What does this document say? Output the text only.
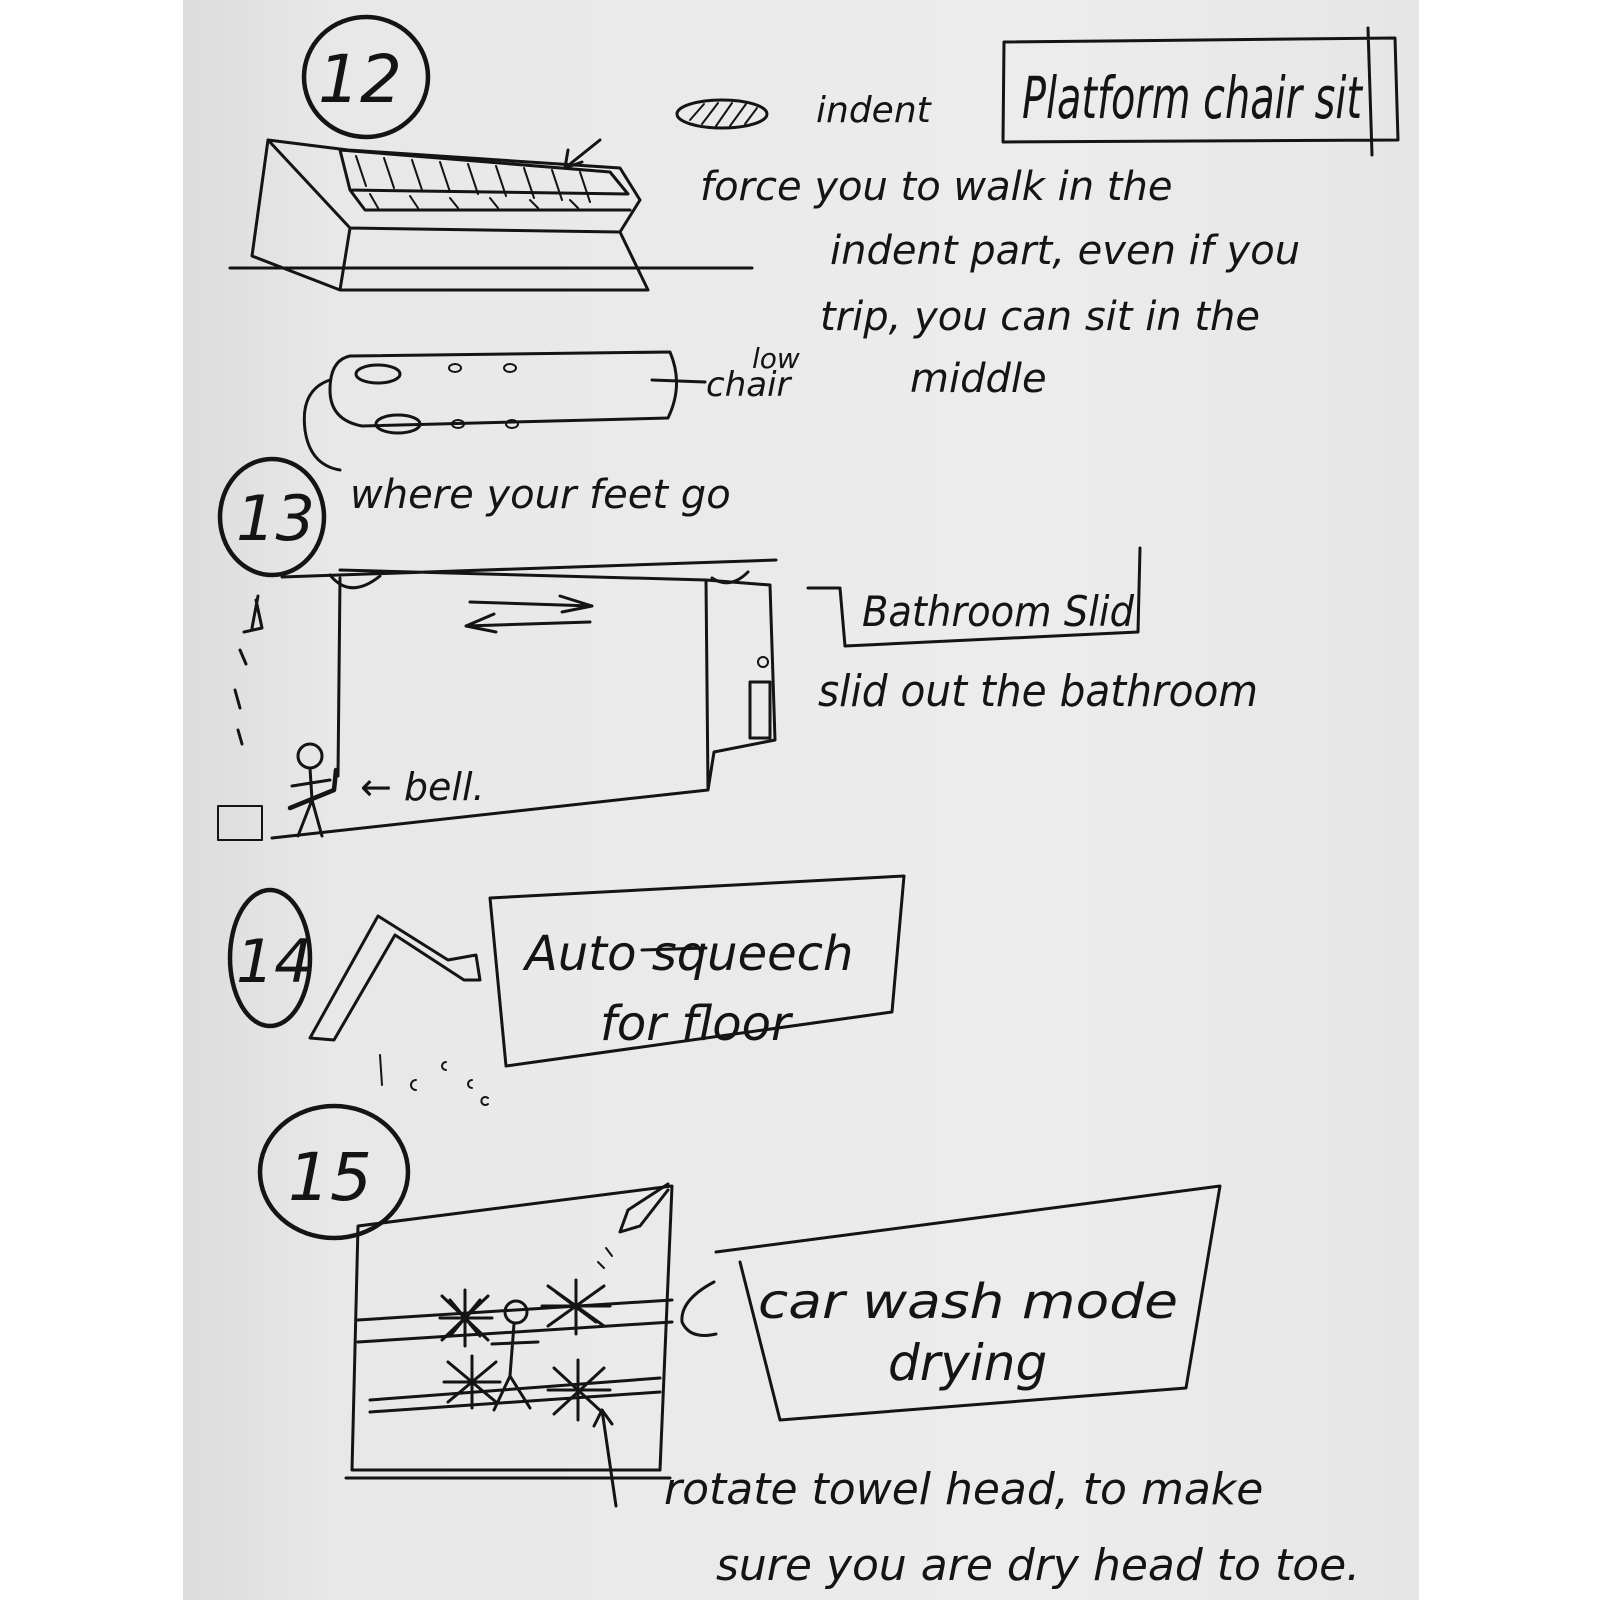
12	Platform chair sit
indent
force you to walk in the indent part, even if you trip, you can sit in the middle
low
chair
where your feet go
13
← bell.
Bathroom Slid
slid out the bathroom
14	Auto squeech
for floor
15
car wash mode
drying
rotate towel head, to make sure you are dry head to toe.
